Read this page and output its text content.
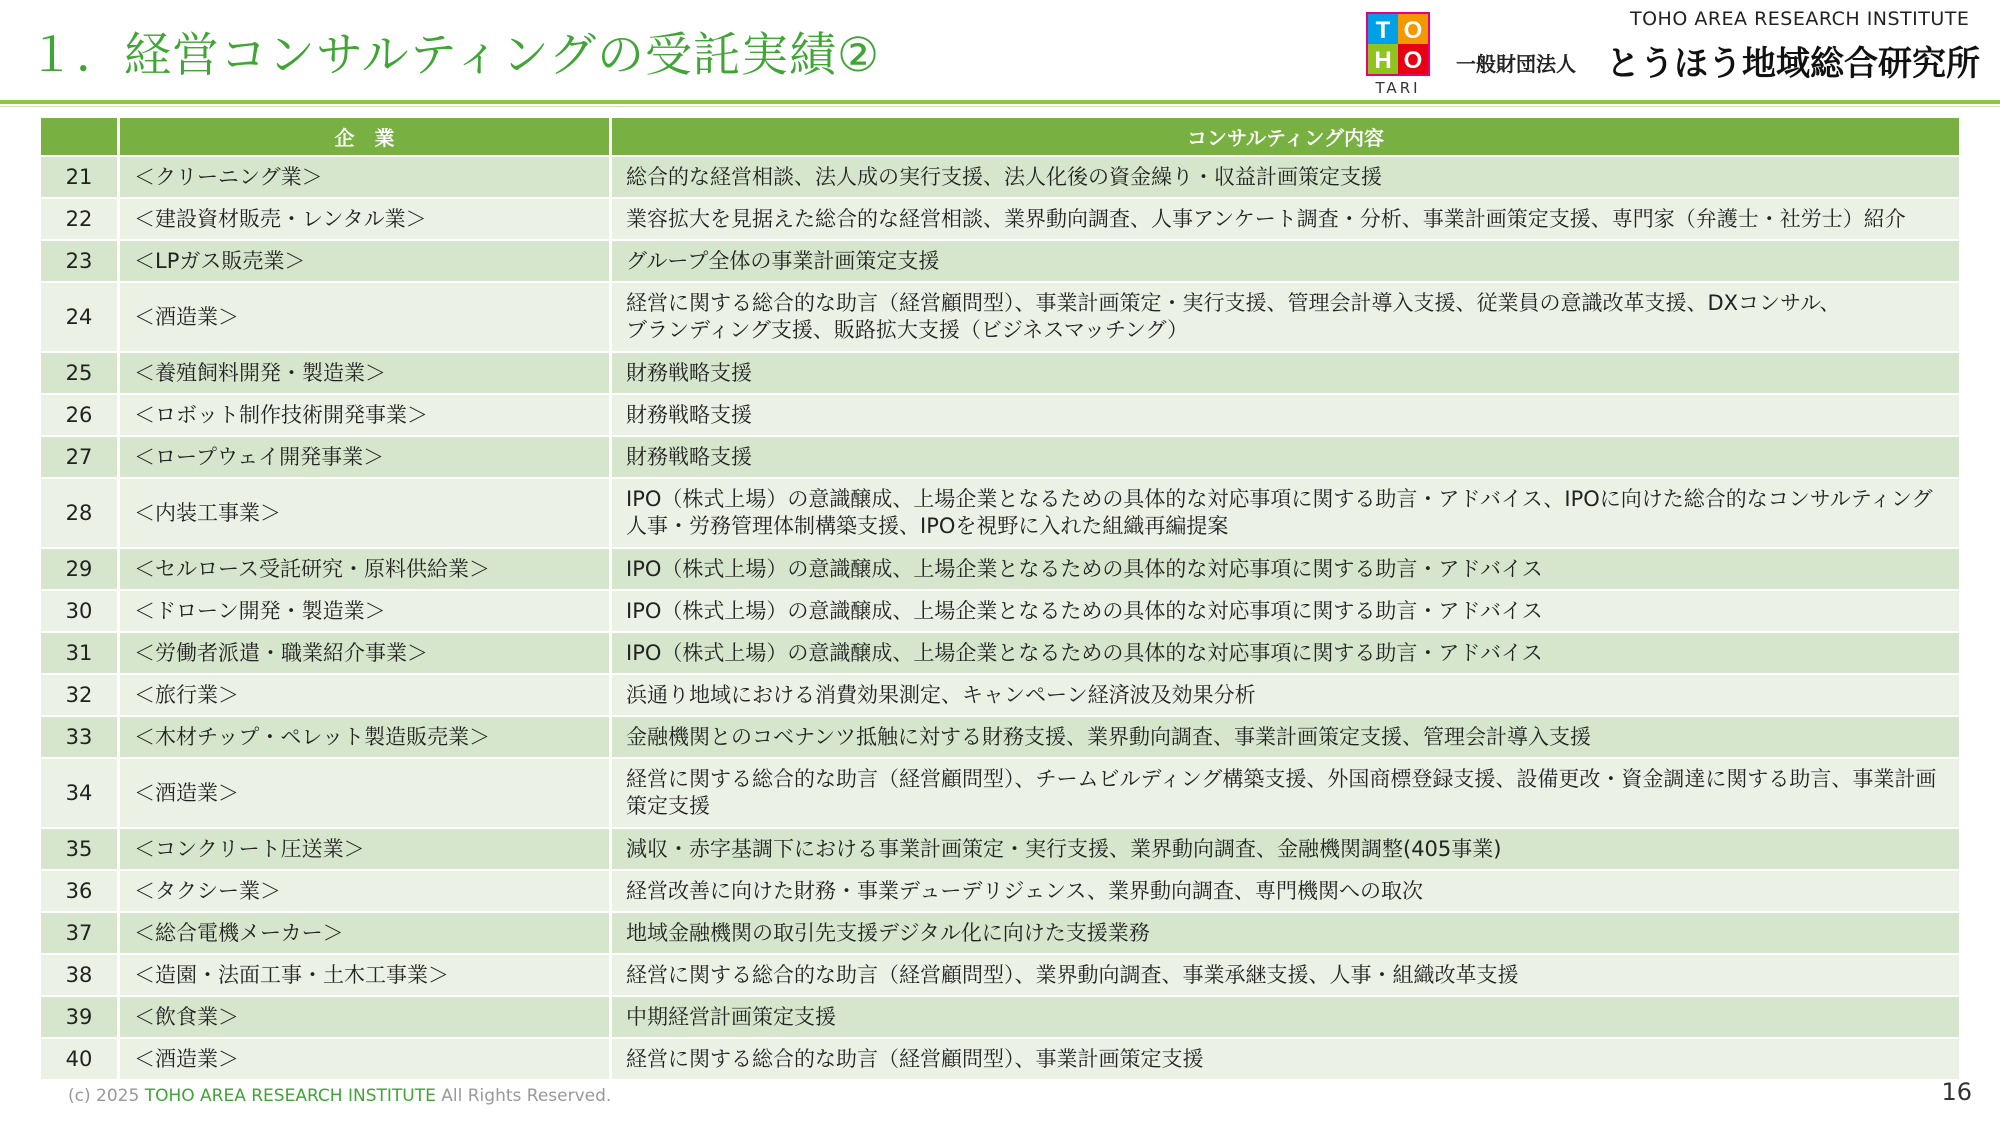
１．経営コンサルティングの受託実績②	T O
H O
TARI
TOHO AREA RESEARCH INSTITUTE
一般財団法人 とうほう地域総合研究所
	企　業	コンサルティング内容
21	＜クリーニング業＞	総合的な経営相談、法人成の実行支援、法人化後の資金繰り・収益計画策定支援

22	＜建設資材販売・レンタル業＞	業容拡大を見据えた総合的な経営相談、業界動向調査、人事アンケート調査・分析、事業計画策定支援、専門家（弁護士・社労士）紹介

23	＜LPガス販売業＞	グループ全体の事業計画策定支援

24	＜酒造業＞	経営に関する総合的な助言（経営顧問型）、事業計画策定・実行支援、管理会計導入支援、従業員の意識改革支援、DXコンサル、
ブランディング支援、販路拡大支援（ビジネスマッチング）

25	＜養殖飼料開発・製造業＞	財務戦略支援

26	＜ロボット制作技術開発事業＞	財務戦略支援

27	＜ロープウェイ開発事業＞	財務戦略支援

28	＜内装工事業＞	IPO（株式上場）の意識醸成、上場企業となるための具体的な対応事項に関する助言・アドバイス、IPOに向けた総合的なコンサルティング
人事・労務管理体制構築支援、IPOを視野に入れた組織再編提案

29	＜セルロース受託研究・原料供給業＞	IPO（株式上場）の意識醸成、上場企業となるための具体的な対応事項に関する助言・アドバイス

30	＜ドローン開発・製造業＞	IPO（株式上場）の意識醸成、上場企業となるための具体的な対応事項に関する助言・アドバイス

31	＜労働者派遣・職業紹介事業＞	IPO（株式上場）の意識醸成、上場企業となるための具体的な対応事項に関する助言・アドバイス

32	＜旅行業＞	浜通り地域における消費効果測定、キャンペーン経済波及効果分析

33	＜木材チップ・ペレット製造販売業＞	金融機関とのコベナンツ抵触に対する財務支援、業界動向調査、事業計画策定支援、管理会計導入支援

34	＜酒造業＞	経営に関する総合的な助言（経営顧問型）、チームビルディング構築支援、外国商標登録支援、設備更改・資金調達に関する助言、事業計画
策定支援

35	＜コンクリート圧送業＞	減収・赤字基調下における事業計画策定・実行支援、業界動向調査、金融機関調整(405事業)

36	＜タクシー業＞	経営改善に向けた財務・事業デューデリジェンス、業界動向調査、専門機関への取次

37	＜総合電機メーカー＞	地域金融機関の取引先支援デジタル化に向けた支援業務

38	＜造園・法面工事・土木工事業＞	経営に関する総合的な助言（経営顧問型）、業界動向調査、事業承継支援、人事・組織改革支援

39	＜飲食業＞	中期経営計画策定支援

40	＜酒造業＞	経営に関する総合的な助言（経営顧問型）、事業計画策定支援
(c) 2025 TOHO AREA RESEARCH INSTITUTE All Rights Reserved.	16
